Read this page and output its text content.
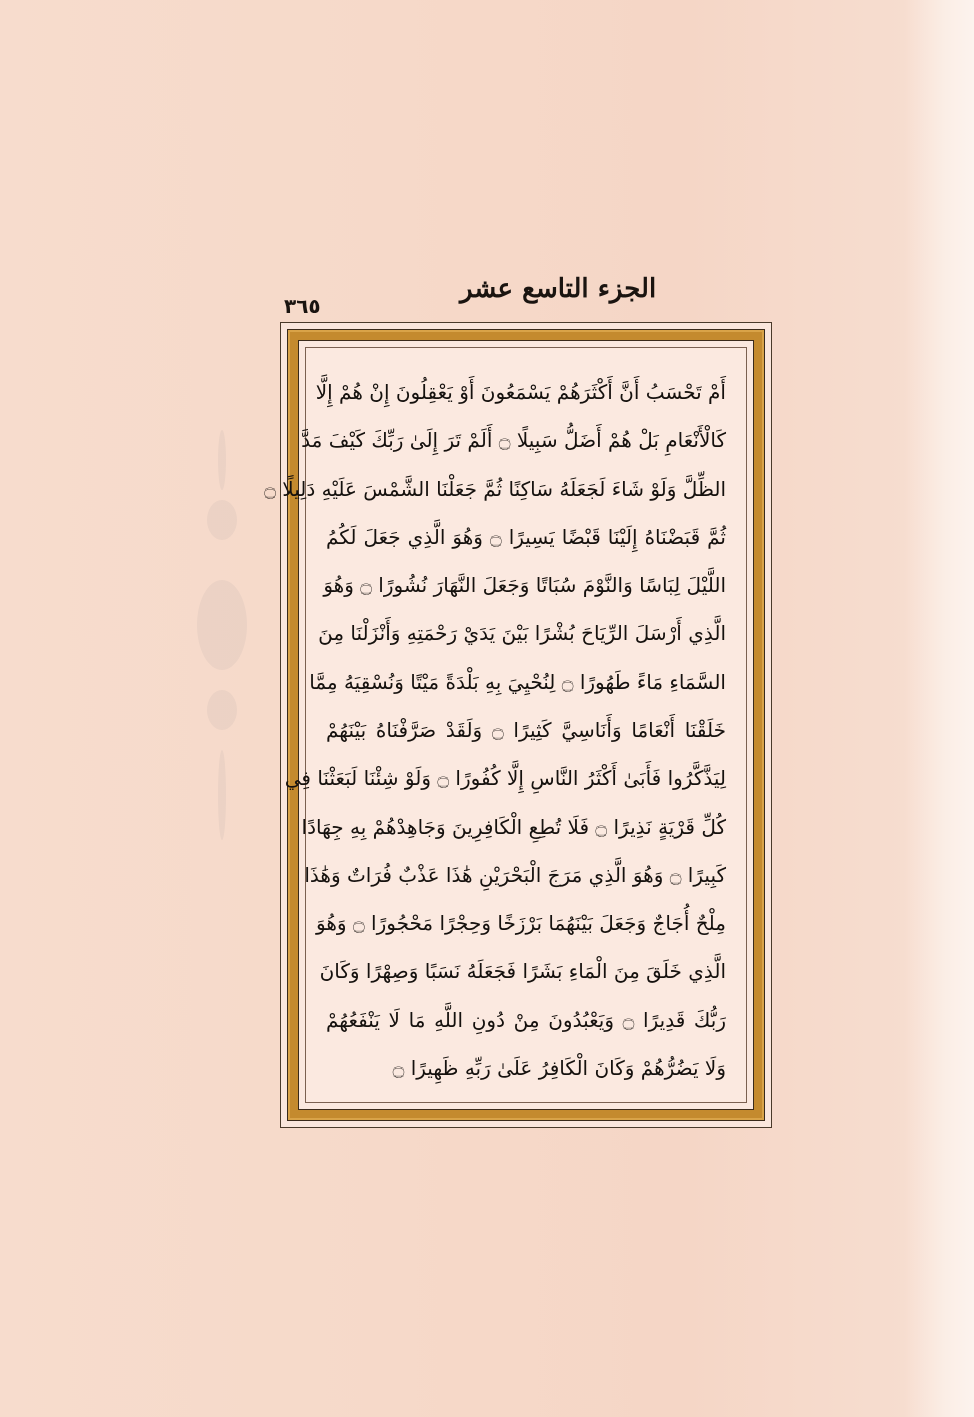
٣٦٥
الجزء التاسع عشر
أَمْ تَحْسَبُ أَنَّ أَكْثَرَهُمْ يَسْمَعُونَ أَوْ يَعْقِلُونَ إِنْ هُمْ إِلَّا
كَالْأَنْعَامِ بَلْ هُمْ أَضَلُّ سَبِيلًا ۝ أَلَمْ تَرَ إِلَىٰ رَبِّكَ كَيْفَ مَدَّ
الظِّلَّ وَلَوْ شَاءَ لَجَعَلَهُ سَاكِنًا ثُمَّ جَعَلْنَا الشَّمْسَ عَلَيْهِ دَلِيلًا ۝
ثُمَّ قَبَضْنَاهُ إِلَيْنَا قَبْضًا يَسِيرًا ۝ وَهُوَ الَّذِي جَعَلَ لَكُمُ
اللَّيْلَ لِبَاسًا وَالنَّوْمَ سُبَاتًا وَجَعَلَ النَّهَارَ نُشُورًا ۝ وَهُوَ
الَّذِي أَرْسَلَ الرِّيَاحَ بُشْرًا بَيْنَ يَدَيْ رَحْمَتِهِ وَأَنْزَلْنَا مِنَ
السَّمَاءِ مَاءً طَهُورًا ۝ لِنُحْيِيَ بِهِ بَلْدَةً مَيْتًا وَنُسْقِيَهُ مِمَّا
خَلَقْنَا أَنْعَامًا وَأَنَاسِيَّ كَثِيرًا ۝ وَلَقَدْ صَرَّفْنَاهُ بَيْنَهُمْ
لِيَذَّكَّرُوا فَأَبَىٰ أَكْثَرُ النَّاسِ إِلَّا كُفُورًا ۝ وَلَوْ شِئْنَا لَبَعَثْنَا فِي
كُلِّ قَرْيَةٍ نَذِيرًا ۝ فَلَا تُطِعِ الْكَافِرِينَ وَجَاهِدْهُمْ بِهِ جِهَادًا
كَبِيرًا ۝ وَهُوَ الَّذِي مَرَجَ الْبَحْرَيْنِ هَٰذَا عَذْبٌ فُرَاتٌ وَهَٰذَا
مِلْحٌ أُجَاجٌ وَجَعَلَ بَيْنَهُمَا بَرْزَخًا وَحِجْرًا مَحْجُورًا ۝ وَهُوَ
الَّذِي خَلَقَ مِنَ الْمَاءِ بَشَرًا فَجَعَلَهُ نَسَبًا وَصِهْرًا وَكَانَ
رَبُّكَ قَدِيرًا ۝ وَيَعْبُدُونَ مِنْ دُونِ اللَّهِ مَا لَا يَنْفَعُهُمْ
وَلَا يَضُرُّهُمْ وَكَانَ الْكَافِرُ عَلَىٰ رَبِّهِ ظَهِيرًا ۝
